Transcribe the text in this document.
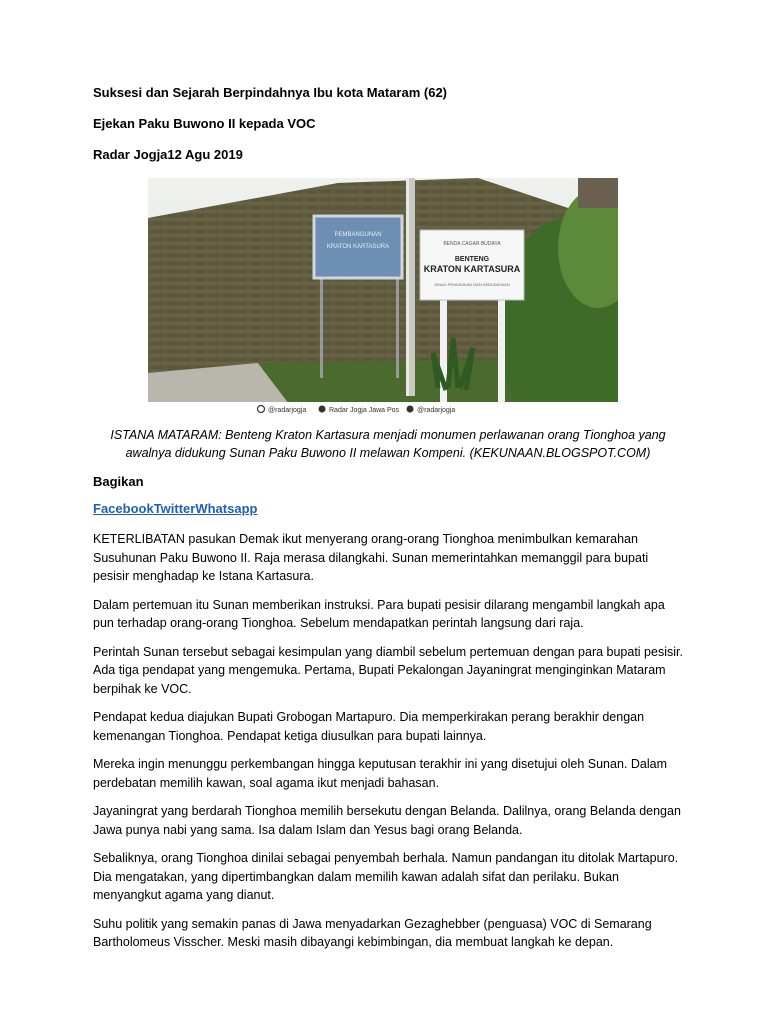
Suksesi dan Sejarah Berpindahnya Ibu kota Mataram (62)
Ejekan Paku Buwono II kepada VOC
Radar Jogja12 Agu 2019
PEMBANGUNAN
KRATON KARTASURA	BENDA CAGAR BUDAYA
BENTENG
KRATON KARTASURA
DINAS PENDIDIKAN DAN KEBUDAYAAN
@radarjogja	Radar Jogja Jawa Pos	@radarjogja
ISTANA MATARAM: Benteng Kraton Kartasura menjadi monumen perlawanan orang Tionghoa yang awalnya didukung Sunan Paku Buwono II melawan Kompeni. (KEKUNAAN.BLOGSPOT.COM)
Bagikan
FacebookTwitterWhatsapp

KETERLIBATAN pasukan Demak ikut menyerang orang-orang Tionghoa menimbulkan kemarahan Susuhunan Paku Buwono II. Raja merasa dilangkahi. Sunan memerintahkan memanggil para bupati pesisir menghadap ke Istana Kartasura.

Dalam pertemuan itu Sunan memberikan instruksi. Para bupati pesisir dilarang mengambil langkah apa pun terhadap orang-orang Tionghoa. Sebelum mendapatkan perintah langsung dari raja.

Perintah Sunan tersebut sebagai kesimpulan yang diambil sebelum pertemuan dengan para bupati pesisir. Ada tiga pendapat yang mengemuka. Pertama, Bupati Pekalongan Jayaningrat menginginkan Mataram berpihak ke VOC.

Pendapat kedua diajukan Bupati Grobogan Martapuro. Dia memperkirakan perang berakhir dengan kemenangan Tionghoa. Pendapat ketiga diusulkan para bupati lainnya.

Mereka ingin menunggu perkembangan hingga keputusan terakhir ini yang disetujui oleh Sunan. Dalam perdebatan memilih kawan, soal agama ikut menjadi bahasan.

Jayaningrat yang berdarah Tionghoa memilih bersekutu dengan Belanda. Dalilnya, orang Belanda dengan Jawa punya nabi yang sama. Isa dalam Islam dan Yesus bagi orang Belanda.

Sebaliknya, orang Tionghoa dinilai sebagai penyembah berhala. Namun pandangan itu ditolak Martapuro. Dia mengatakan, yang dipertimbangkan dalam memilih kawan adalah sifat dan perilaku. Bukan menyangkut agama yang dianut.

Suhu politik yang semakin panas di Jawa menyadarkan Gezaghebber (penguasa) VOC di Semarang Bartholomeus Visscher. Meski masih dibayangi kebimbingan, dia membuat langkah ke depan.
